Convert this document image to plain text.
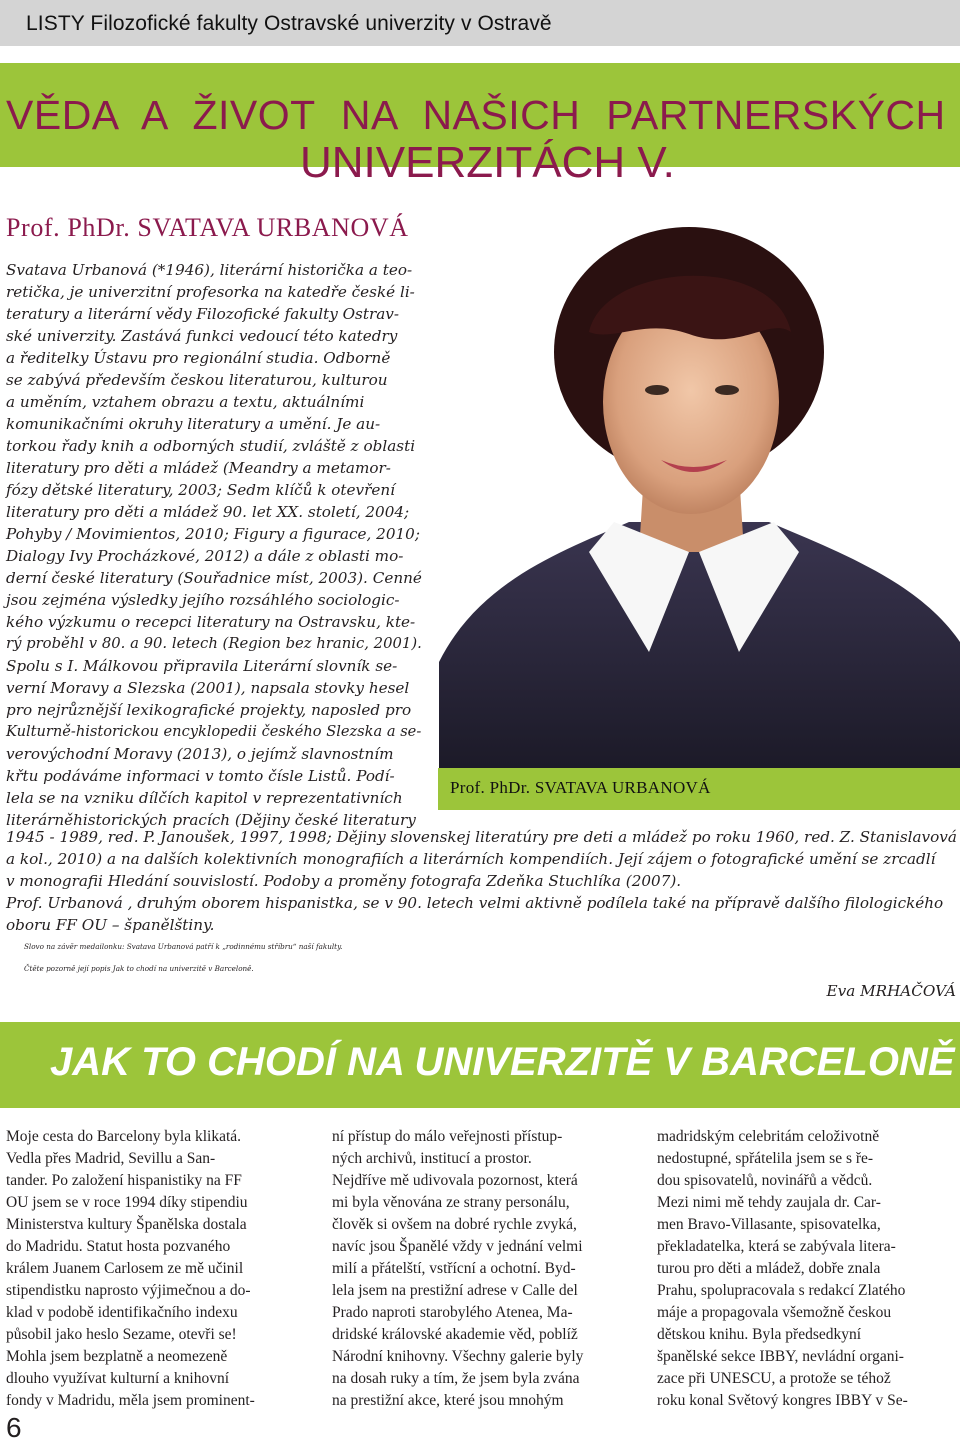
LISTY Filozofické fakulty Ostravské univerzity v Ostravě
VĚDA A ŽIVOT NA NAŠICH PARTNERSKÝCH
UNIVERZITÁCH V.
Prof. PhDr. SVATAVA URBANOVÁ
Prof. PhDr. SVATAVA URBANOVÁ

Svatava Urbanová (*1946), literární historička a teo-

retička, je univerzitní profesorka na katedře české li-

teratury a literární vědy Filozofické fakulty Ostrav-

ské univerzity. Zastává funkci vedoucí této katedry

a ředitelky Ústavu pro regionální studia. Odborně

se zabývá především českou literaturou, kulturou

a uměním, vztahem obrazu a textu, aktuálními

komunikačními okruhy literatury a umění. Je au-

torkou řady knih a odborných studií, zvláště z oblasti

literatury pro děti a mládež (Meandry a metamor-

fózy dětské literatury, 2003; Sedm klíčů k otevření

literatury pro děti a mládež 90. let XX. století, 2004;

Pohyby / Movimientos, 2010; Figury a figurace, 2010;

Dialogy Ivy Procházkové, 2012) a dále z oblasti mo-

derní české literatury (Souřadnice míst, 2003). Cenné

jsou zejména výsledky jejího rozsáhlého sociologic-

kého výzkumu o recepci literatury na Ostravsku, kte-

rý proběhl v 80. a 90. letech (Region bez hranic, 2001).

Spolu s I. Málkovou připravila Literární slovník se-

verní Moravy a Slezska (2001), napsala stovky hesel

pro nejrůznější lexikografické projekty, naposled pro

Kulturně-historickou encyklopedii českého Slezska a se-

verovýchodní Moravy (2013), o jejímž slavnostním

křtu podáváme informaci v tomto čísle Listů. Podí-

lela se na vzniku dílčích kapitol v reprezentativních

literárněhistorických pracích (Dějiny české literatury

1945 - 1989, red. P. Janoušek, 1997, 1998; Dějiny slovenskej literatúry pre deti a mládež po roku 1960, red. Z. Stanislavová

a kol., 2010) a na dalších kolektivních monografiích a literárních kompendiích. Její zájem o fotografické umění se zrcadlí

v monografii Hledání souvislostí. Podoby a proměny fotografa Zdeňka Stuchlíka (2007).

Prof. Urbanová , druhým oborem hispanistka, se v 90. letech velmi aktivně podílela také na přípravě dalšího filologického

oboru FF OU – španělštiny.

Slovo na závěr medailonku: Svatava Urbanová patří k „rodinnému stříbru“ naší fakulty.

Čtěte pozorně její popis Jak to chodí na univerzitě v Barceloně.

Eva MRHAČOVÁ
JAK TO CHODÍ NA UNIVERZITĚ V BARCELONĚ

Moje cesta do Barcelony byla klikatá.

Vedla přes Madrid, Sevillu a San-

tander. Po založení hispanistiky na FF

OU jsem se v roce 1994 díky stipendiu

Ministerstva kultury Španělska dostala

do Madridu. Statut hosta pozvaného

králem Juanem Carlosem ze mě učinil

stipendistku naprosto výjimečnou a do-

klad v podobě identifikačního indexu

působil jako heslo Sezame, otevři se!

Mohla jsem bezplatně a neomezeně

dlouho využívat kulturní a knihovní

fondy v Madridu, měla jsem prominent-

ní přístup do málo veřejnosti přístup-

ných archivů, institucí a prostor.

Nejdříve mě udivovala pozornost, která

mi byla věnována ze strany personálu,

člověk si ovšem na dobré rychle zvyká,

navíc jsou Španělé vždy v jednání velmi

milí a přátelští, vstřícní a ochotní. Byd-

lela jsem na prestižní adrese v Calle del

Prado naproti starobylého Atenea, Ma-

dridské královské akademie věd, poblíž

Národní knihovny. Všechny galerie byly

na dosah ruky a tím, že jsem byla zvána

na prestižní akce, které jsou mnohým

madridským celebritám celoživotně

nedostupné, spřátelila jsem se s ře-

dou spisovatelů, novinářů a vědců.

Mezi nimi mě tehdy zaujala dr. Car-

men Bravo-Villasante, spisovatelka,

překladatelka, která se zabývala litera-

turou pro děti a mládež, dobře znala

Prahu, spolupracovala s redakcí Zlatého

máje a propagovala všemožně českou

dětskou knihu. Byla předsedkyní

španělské sekce IBBY, nevládní organi-

zace při UNESCU, a protože se téhož

roku konal Světový kongres IBBY v Se-

6
